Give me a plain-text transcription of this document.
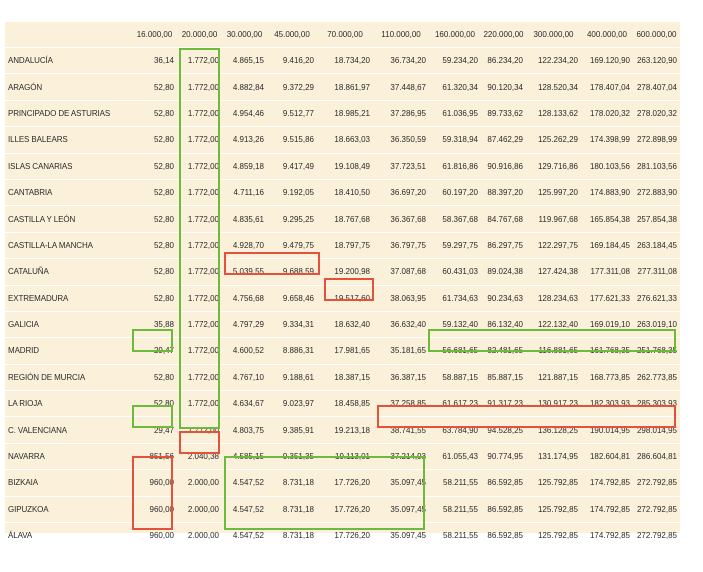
	16.000,00	20.000,00	30.000,00	45.000,00	70.000,00	110.000,00	160.000,00	220.000,00	300.000,00	400.000,00	600.000,00
ANDALUCÍA	36,14	1.772,00	4.865,15	9.416,20	18.734,20	36.734,20	59.234,20	86.234,20	122.234,20	169.120,90	263.120,90
ARAGÓN	52,80	1.772,00	4.882,84	9.372,29	18.861,97	37.448,67	61.320,34	90.120,34	128.520,34	178.407,04	278.407,04
PRINCIPADO DE ASTURIAS	52,80	1.772,00	4.954,46	9.512,77	18.985,21	37.286,95	61.036,95	89.733,62	128.133,62	178.020,32	278.020,32
ILLES BALEARS	52,80	1.772,00	4.913,26	9.515,86	18.663,03	36.350,59	59.318,94	87.462,29	125.262,29	174.398,99	272.898,99
ISLAS CANARIAS	52,80	1.772,00	4.859,18	9.417,49	19.108,49	37.723,51	61.816,86	90.916,86	129.716,86	180.103,56	281.103,56
CANTABRIA	52,80	1.772,00	4.711,16	9.192,05	18.410,50	36.697,20	60.197,20	88.397,20	125.997,20	174.883,90	272.883,90
CASTILLA Y LEÓN	52,80	1.772,00	4.835,61	9.295,25	18.767,68	36.367,68	58.367,68	84.767,68	119.967,68	165.854,38	257.854,38
CASTILLA-LA MANCHA	52,80	1.772,00	4.928,70	9.479,75	18.797,75	36.797,75	59.297,75	86.297,75	122.297,75	169.184,45	263.184,45
CATALUÑA	52,80	1.772,00	5.039,55	9.688,59	19.200,98	37.087,68	60.431,03	89.024,38	127.424,38	177.311,08	277.311,08
EXTREMADURA	52,80	1.772,00	4.756,68	9.658,46	19.517,60	38.063,95	61.734,63	90.234,63	128.234,63	177.621,33	276.621,33
GALICIA	35,88	1.772,00	4.797,29	9.334,31	18.632,40	36.632,40	59.132,40	86.132,40	122.132,40	169.019,10	263.019,10
MADRID	29,47	1.772,00	4.600,52	8.886,31	17.981,65	35.181,65	56.681,65	82.481,65	116.881,65	161.768,35	251.768,35
REGIÓN DE MURCIA	52,80	1.772,00	4.767,10	9.188,61	18.387,15	36.387,15	58.887,15	85.887,15	121.887,15	168.773,85	262.773,85
LA RIOJA	52,80	1.772,00	4.634,67	9.023,97	18.458,85	37.258,85	61.617,23	91.317,23	130.917,23	182.303,93	285.303,93
C. VALENCIANA	29,47	1.772,00	4.803,75	9.385,91	19.213,18	38.741,55	63.784,90	94.528,25	136.128,25	190.014,95	298.014,95
NAVARRA	851,56	2.040,38	4.585,15	9.351,35	19.113,01	37.214,93	61.055,43	90.774,95	131.174,95	182.604,81	286.604,81
BIZKAIA	960,00	2.000,00	4.547,52	8.731,18	17.726,20	35.097,45	58.211,55	86.592,85	125.792,85	174.792,85	272.792,85
GIPUZKOA	960,00	2.000,00	4.547,52	8.731,18	17.726,20	35.097,45	58.211,55	86.592,85	125.792,85	174.792,85	272.792,85
ÁLAVA	960,00	2.000,00	4.547,52	8.731,18	17.726,20	35.097,45	58.211,55	86.592,85	125.792,85	174.792,85	272.792,85
